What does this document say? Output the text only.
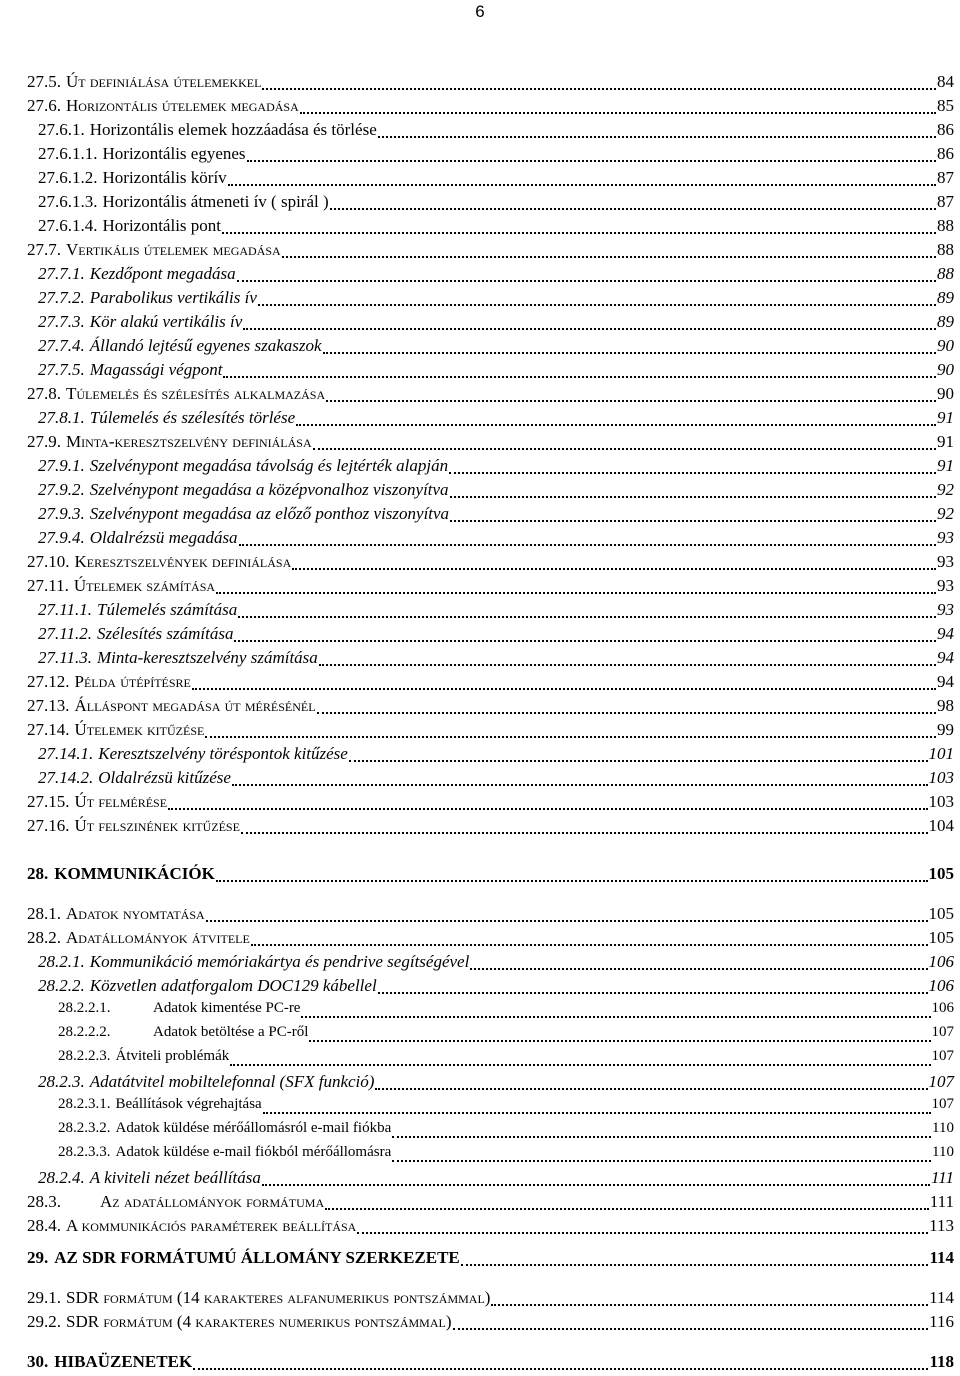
6
27.5. Út definiálása útelemekkel	84
27.6. Horizontális útelemek megadása	85
27.6.1. Horizontális elemek hozzáadása és törlése	86
27.6.1.1. Horizontális egyenes	86
27.6.1.2. Horizontális körív	87
27.6.1.3. Horizontális átmeneti ív ( spirál )	87
27.6.1.4. Horizontális pont	88
27.7. Vertikális útelemek megadása	88
27.7.1. Kezdőpont megadása	88
27.7.2. Parabolikus vertikális ív	89
27.7.3. Kör alakú vertikális ív	89
27.7.4. Állandó lejtésű egyenes szakaszok	90
27.7.5. Magassági végpont	90
27.8. Túlemelés és szélesítés alkalmazása	90
27.8.1. Túlemelés és szélesítés törlése	91
27.9. Minta-keresztszelvény definiálása	91
27.9.1. Szelvénypont megadása távolság és lejtérték alapján	91
27.9.2. Szelvénypont megadása a középvonalhoz viszonyítva	92
27.9.3. Szelvénypont megadása az előző ponthoz viszonyítva	92
27.9.4. Oldalrézsü megadása	93
27.10. Keresztszelvények definiálása	93
27.11. Útelemek számítása	93
27.11.1. Túlemelés számítása	93
27.11.2. Szélesítés számítása	94
27.11.3. Minta-keresztszelvény számítása	94
27.12. Példa útépítésre	94
27.13. Álláspont megadása út mérésénél	98
27.14. Útelemek kitűzése	99
27.14.1. Keresztszelvény töréspontok kitűzése	101
27.14.2. Oldalrézsü kitűzése	103
27.15. Út felmérése	103
27.16. Út felszinének kitűzése	104
28. KOMMUNIKÁCIÓK	105
28.1. Adatok nyomtatása	105
28.2. Adatállományok átvitele	105
28.2.1. Kommunikáció memóriakártya és pendrive segítségével	106
28.2.2. Közvetlen adatforgalom DOC129 kábellel	106
28.2.2.1.	Adatok kimentése PC-re	106
28.2.2.2.	Adatok betöltése a PC-ről	107
28.2.2.3. Átviteli problémák	107
28.2.3. Adatátvitel mobiltelefonnal (SFX funkció)	107
28.2.3.1. Beállítások végrehajtása	107
28.2.3.2. Adatok küldése mérőállomásról e-mail fiókba	110
28.2.3.3. Adatok küldése e-mail fiókból mérőállomásra	110
28.2.4. A kiviteli nézet beállítása	111
28.3.	Az adatállományok formátuma	111
28.4. A kommunikációs paraméterek beállítása	113
29. AZ SDR FORMÁTUMÚ ÁLLOMÁNY SZERKEZETE	114
29.1. SDR formátum (14 karakteres alfanumerikus pontszámmal)	114
29.2. SDR formátum (4 karakteres numerikus pontszámmal)	116
30. HIBAÜZENETEK	118
